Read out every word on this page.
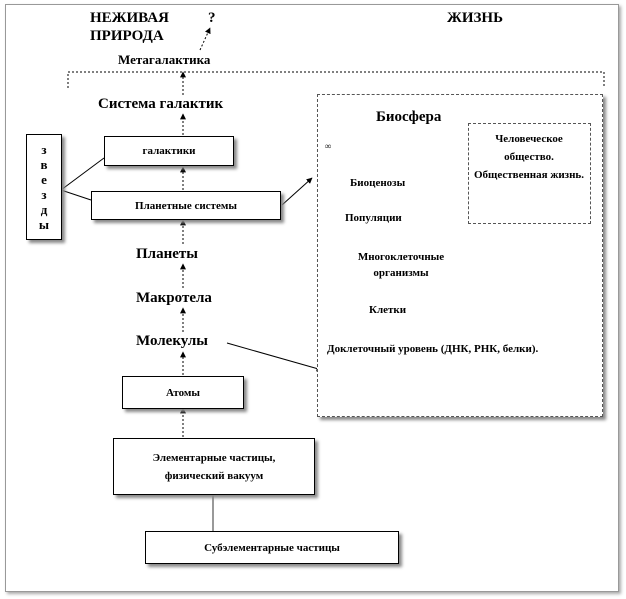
НЕЖИВАЯ
ПРИРОДА
?	ЖИЗНЬ
Метагалактика
Система галактик
галактики
з
в
е
з
д
ы
Планетные системы
Планеты
Макротела
Молекулы
Атомы
Элементарные частицы,
физический вакуум
Субэлементарные частицы
Биосфера
∞
Биоценозы
Популяции
Многоклеточные
организмы
Клетки
Доклеточный уровень (ДНК, РНК, белки).
Человеческое общество. Общественная жизнь.
